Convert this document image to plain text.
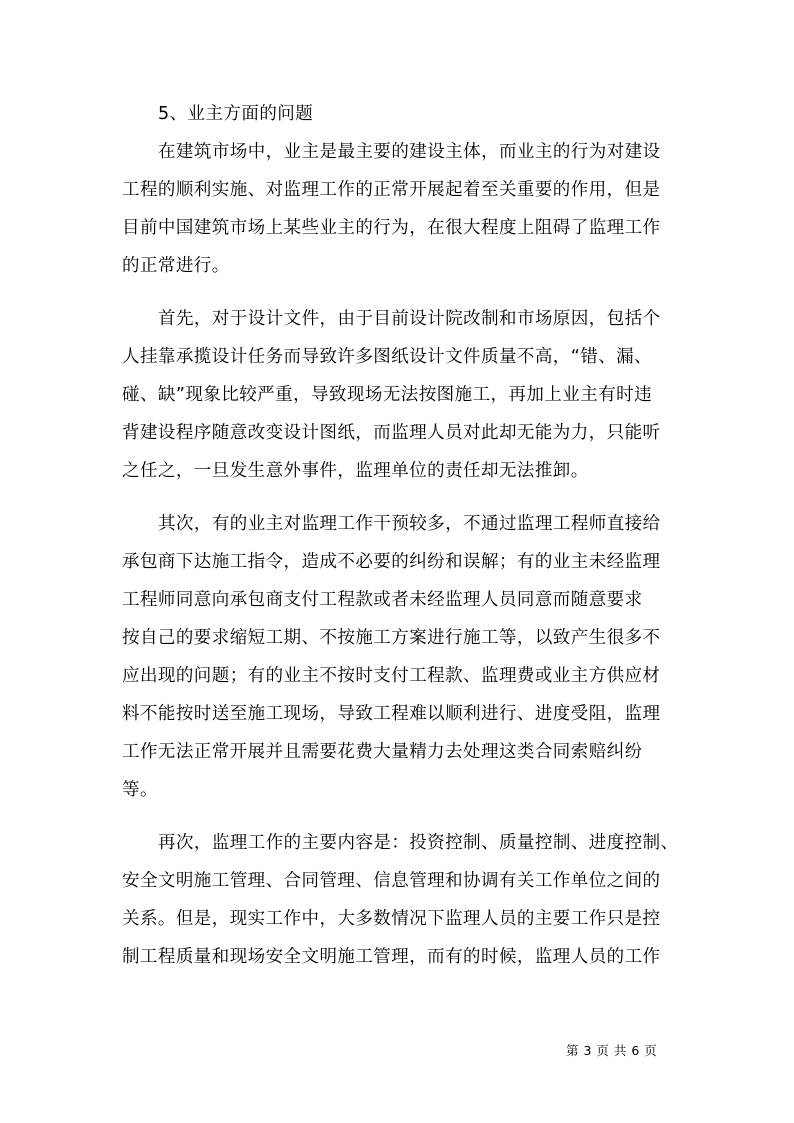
5、业主方面的问题
在建筑市场中，业主是最主要的建设主体，而业主的行为对建设
工程的顺利实施、对监理工作的正常开展起着至关重要的作用，但是
目前中国建筑市场上某些业主的行为，在很大程度上阻碍了监理工作
的正常进行。
首先，对于设计文件，由于目前设计院改制和市场原因，包括个
人挂靠承揽设计任务而导致许多图纸设计文件质量不高，“错、漏、
碰、缺”现象比较严重，导致现场无法按图施工，再加上业主有时违
背建设程序随意改变设计图纸，而监理人员对此却无能为力，只能听
之任之，一旦发生意外事件，监理单位的责任却无法推卸。
其次，有的业主对监理工作干预较多，不通过监理工程师直接给
承包商下达施工指令，造成不必要的纠纷和误解；有的业主未经监理
工程师同意向承包商支付工程款或者未经监理人员同意而随意要求
按自己的要求缩短工期、不按施工方案进行施工等，以致产生很多不
应出现的问题；有的业主不按时支付工程款、监理费或业主方供应材
料不能按时送至施工现场，导致工程难以顺利进行、进度受阻，监理
工作无法正常开展并且需要花费大量精力去处理这类合同索赔纠纷
等。
再次，监理工作的主要内容是：投资控制、质量控制、进度控制、
安全文明施工管理、合同管理、信息管理和协调有关工作单位之间的
关系。但是，现实工作中，大多数情况下监理人员的主要工作只是控
制工程质量和现场安全文明施工管理，而有的时候，监理人员的工作
第 3 页 共 6 页
